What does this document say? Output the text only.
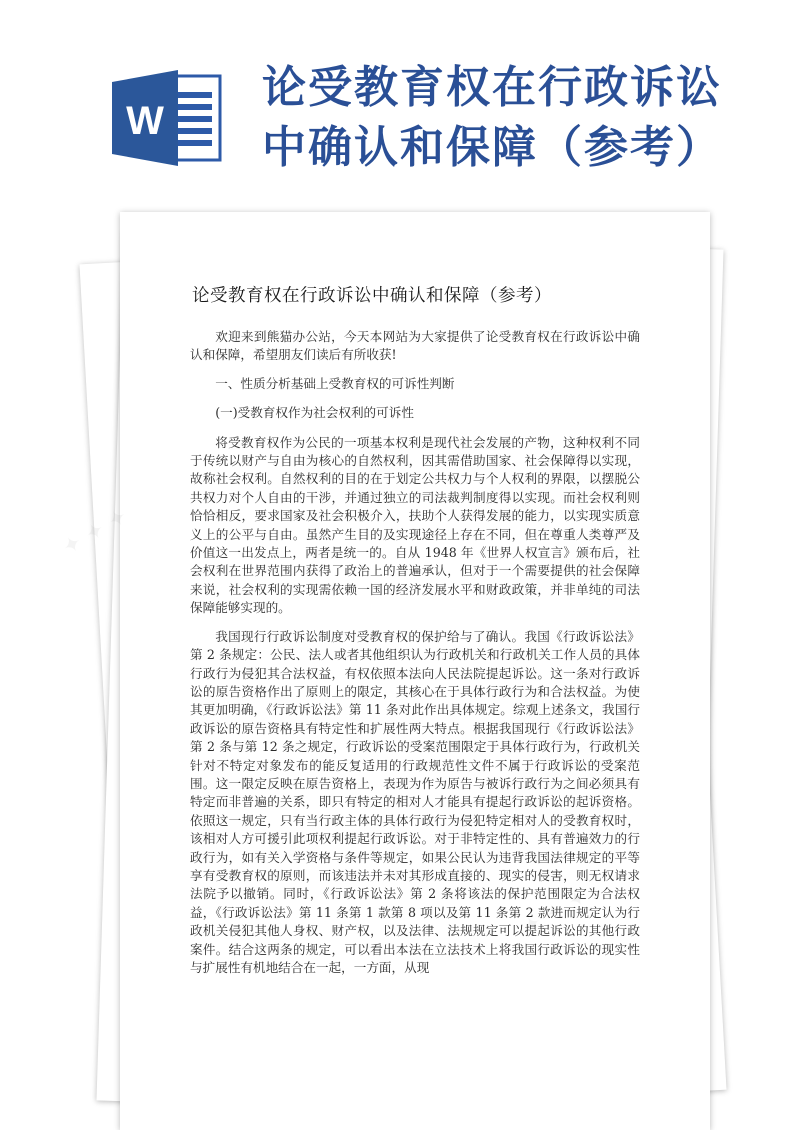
W
论受教育权在行政诉讼中确认和保障（参考）
论受教育权在行政诉讼中确认和保障（参考）

欢迎来到熊猫办公站，今天本网站为大家提供了论受教育权在行政诉讼中确认和保障，希望朋友们读后有所收获!

一、性质分析基础上受教育权的可诉性判断

(一)受教育权作为社会权利的可诉性

将受教育权作为公民的一项基本权利是现代社会发展的产物，这种权利不同于传统以财产与自由为核心的自然权利，因其需借助国家、社会保障得以实现，故称社会权利。自然权利的目的在于划定公共权力与个人权利的界限，以摆脱公共权力对个人自由的干涉，并通过独立的司法裁判制度得以实现。而社会权利则恰恰相反，要求国家及社会积极介入，扶助个人获得发展的能力，以实现实质意义上的公平与自由。虽然产生目的及实现途径上存在不同，但在尊重人类尊严及价值这一出发点上，两者是统一的。自从 1948 年《世界人权宣言》颁布后，社会权利在世界范围内获得了政治上的普遍承认，但对于一个需要提供的社会保障来说，社会权利的实现需依赖一国的经济发展水平和财政政策，并非单纯的司法保障能够实现的。

我国现行行政诉讼制度对受教育权的保护给与了确认。我国《行政诉讼法》第 2 条规定：公民、法人或者其他组织认为行政机关和行政机关工作人员的具体行政行为侵犯其合法权益，有权依照本法向人民法院提起诉讼。这一条对行政诉讼的原告资格作出了原则上的限定，其核心在于具体行政行为和合法权益。为使其更加明确，《行政诉讼法》第 11 条对此作出具体规定。综观上述条文，我国行政诉讼的原告资格具有特定性和扩展性两大特点。根据我国现行《行政诉讼法》第 2 条与第 12 条之规定，行政诉讼的受案范围限定于具体行政行为，行政机关针对不特定对象发布的能反复适用的行政规范性文件不属于行政诉讼的受案范围。这一限定反映在原告资格上，表现为作为原告与被诉行政行为之间必须具有特定而非普遍的关系，即只有特定的相对人才能具有提起行政诉讼的起诉资格。依照这一规定，只有当行政主体的具体行政行为侵犯特定相对人的受教育权时，该相对人方可援引此项权利提起行政诉讼。对于非特定性的、具有普遍效力的行政行为，如有关入学资格与条件等规定，如果公民认为违背我国法律规定的平等享有受教育权的原则，而该违法并未对其形成直接的、现实的侵害，则无权请求法院予以撤销。同时，《行政诉讼法》第 2 条将该法的保护范围限定为合法权益，《行政诉讼法》第 11 条第 1 款第 8 项以及第 11 条第 2 款进而规定认为行政机关侵犯其他人身权、财产权，以及法律、法规规定可以提起诉讼的其他行政案件。结合这两条的规定，可以看出本法在立法技术上将我国行政诉讼的现实性与扩展性有机地结合在一起，一方面，从现

✦
